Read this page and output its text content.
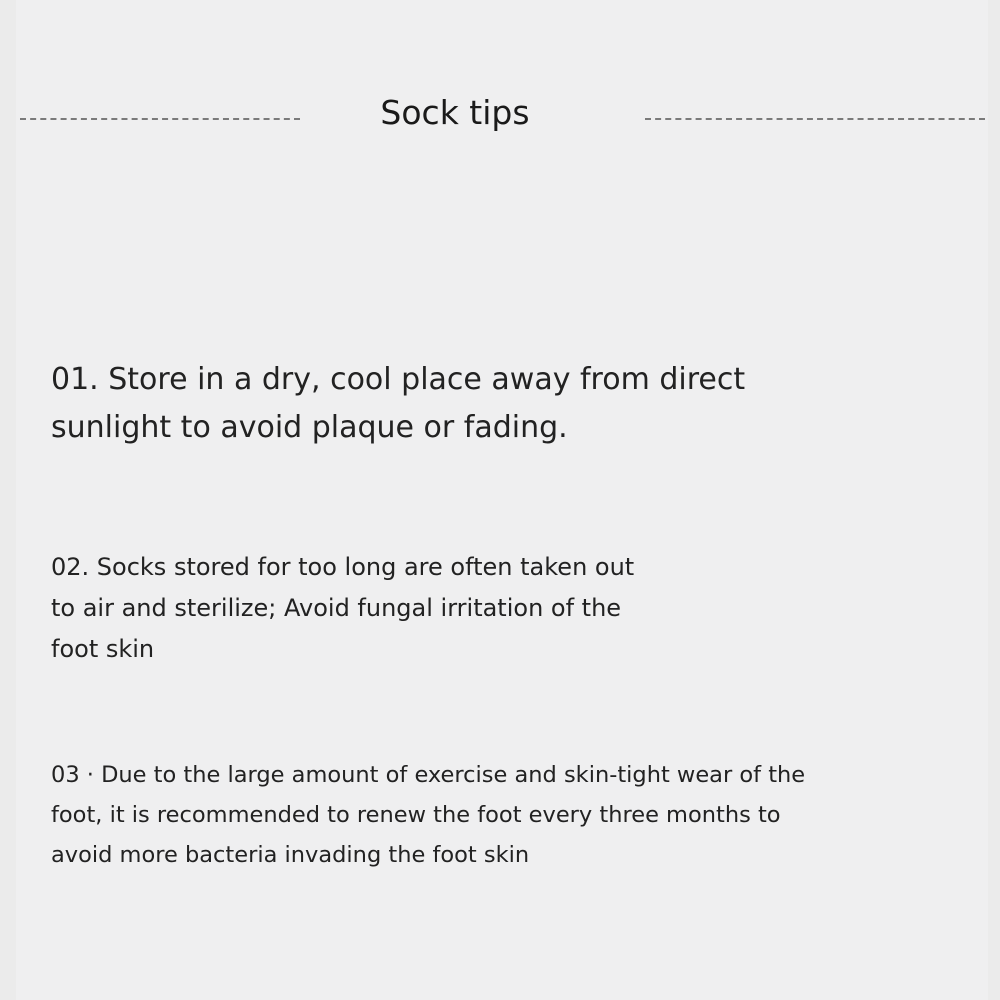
Sock tips
01. Store in a dry, cool place away from direct
sunlight to avoid plaque or fading.
02. Socks stored for too long are often taken out
to air and sterilize; Avoid fungal irritation of the
foot skin
03 · Due to the large amount of exercise and skin-tight wear of the
foot, it is recommended to renew the foot every three months to
avoid more bacteria invading the foot skin
